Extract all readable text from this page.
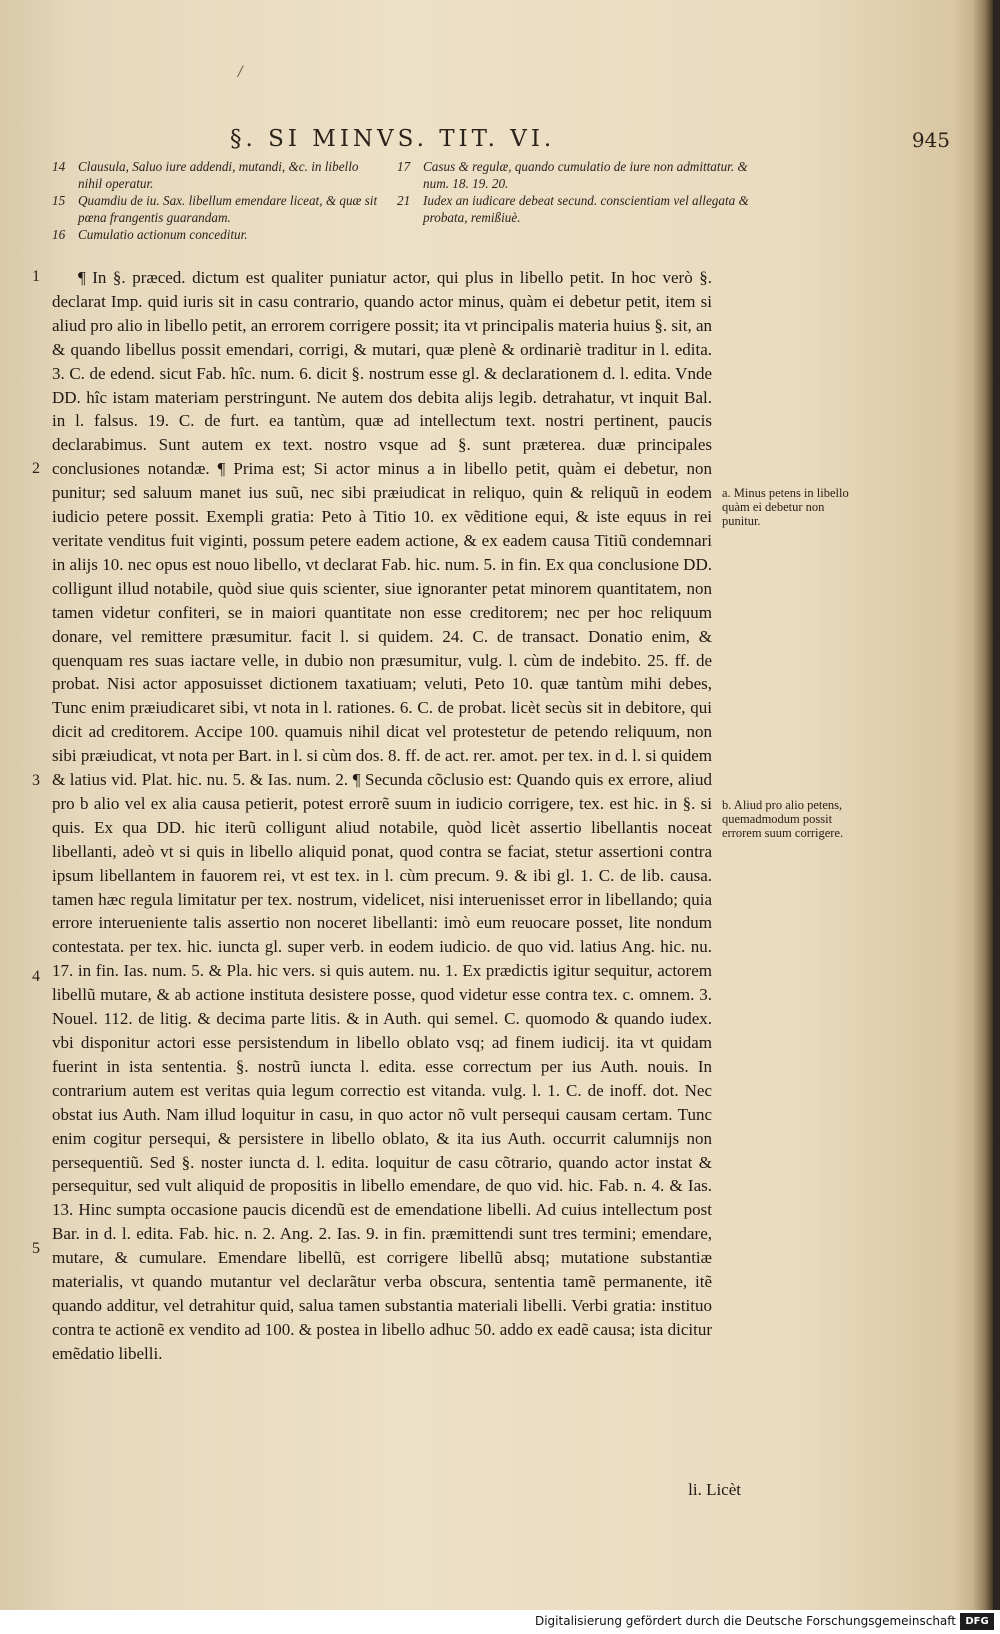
/
§. SI MINVS. TIT. VI.	945
14 Clausula, Saluo iure addendi, mutandi, &c. in libello nihil operatur.
15 Quamdiu de iu. Sax. libellum emendare liceat, & quæ sit pœna frangentis guarandam.
16 Cumulatio actionum conceditur.
17 Casus & regulæ, quando cumulatio de iure non admittatur. & num. 18. 19. 20.
21 Iudex an iudicare debeat secund. conscientiam vel allegata & probata, remißiuè.
1
2
3
4
5

¶ In §. præced. dictum est qualiter puniatur actor, qui plus in libello petit. In hoc verò §. declarat Imp. quid iuris sit in casu contrario, quando actor minus, quàm ei debetur petit, item si aliud pro alio in libello petit, an errorem corrigere possit; ita vt principalis materia huius §. sit, an & quando libellus possit emendari, corrigi, & mutari, quæ plenè & ordinariè traditur in l. edita. 3. C. de edend. sicut Fab. hîc. num. 6. dicit §. nostrum esse gl. & declarationem d. l. edita. Vnde DD. hîc istam materiam perstringunt. Ne autem dos debita alijs legib. detrahatur, vt inquit Bal. in l. falsus. 19. C. de furt. ea tantùm, quæ ad intellectum text. nostri pertinent, paucis declarabimus. Sunt autem ex text. nostro vsque ad §. sunt præterea. duæ principales conclusiones notandæ. ¶ Prima est; Si actor minus a in libello petit, quàm ei debetur, non punitur; sed saluum manet ius suũ, nec sibi præiudicat in reliquo, quin & reliquũ in eodem iudicio petere possit. Exempli gratia: Peto à Titio 10. ex vẽditione equi, & iste equus in rei veritate venditus fuit viginti, possum petere eadem actione, & ex eadem causa Titiũ condemnari in alijs 10. nec opus est nouo libello, vt declarat Fab. hic. num. 5. in fin. Ex qua conclusione DD. colligunt illud notabile, quòd siue quis scienter, siue ignoranter petat minorem quantitatem, non tamen videtur confiteri, se in maiori quantitate non esse creditorem; nec per hoc reliquum donare, vel remittere præsumitur. facit l. si quidem. 24. C. de transact. Donatio enim, & quenquam res suas iactare velle, in dubio non præsumitur, vulg. l. cùm de indebito. 25. ff. de probat. Nisi actor apposuisset dictionem taxatiuam; veluti, Peto 10. quæ tantùm mihi debes, Tunc enim præiudicaret sibi, vt nota in l. rationes. 6. C. de probat. licèt secùs sit in debitore, qui dicit ad creditorem. Accipe 100. quamuis nihil dicat vel protestetur de petendo reliquum, non sibi præiudicat, vt nota per Bart. in l. si cùm dos. 8. ff. de act. rer. amot. per tex. in d. l. si quidem & latius vid. Plat. hic. nu. 5. & Ias. num. 2. ¶ Secunda cõclusio est: Quando quis ex errore, aliud pro b alio vel ex alia causa petierit, potest errorẽ suum in iudicio corrigere, tex. est hic. in §. si quis. Ex qua DD. hic iterũ colligunt aliud notabile, quòd licèt assertio libellantis noceat libellanti, adeò vt si quis in libello aliquid ponat, quod contra se faciat, stetur assertioni contra ipsum libellantem in fauorem rei, vt est tex. in l. cùm precum. 9. & ibi gl. 1. C. de lib. causa. tamen hæc regula limitatur per tex. nostrum, videlicet, nisi interuenisset error in libellando; quia errore interueniente talis assertio non noceret libellanti: imò eum reuocare posset, lite nondum contestata. per tex. hic. iuncta gl. super verb. in eodem iudicio. de quo vid. latius Ang. hic. nu. 17. in fin. Ias. num. 5. & Pla. hic vers. si quis autem. nu. 1. Ex prædictis igitur sequitur, actorem libellũ mutare, & ab actione instituta desistere posse, quod videtur esse contra tex. c. omnem. 3. Nouel. 112. de litig. & decima parte litis. & in Auth. qui semel. C. quomodo & quando iudex. vbi disponitur actori esse persistendum in libello oblato vsq; ad finem iudicij. ita vt quidam fuerint in ista sententia. §. nostrũ iuncta l. edita. esse correctum per ius Auth. nouis. In contrarium autem est veritas quia legum correctio est vitanda. vulg. l. 1. C. de inoff. dot. Nec obstat ius Auth. Nam illud loquitur in casu, in quo actor nõ vult persequi causam certam. Tunc enim cogitur persequi, & persistere in libello oblato, & ita ius Auth. occurrit calumnijs non persequentiũ. Sed §. noster iuncta d. l. edita. loquitur de casu cõtrario, quando actor instat & persequitur, sed vult aliquid de propositis in libello emendare, de quo vid. hic. Fab. n. 4. & Ias. 13. Hinc sumpta occasione paucis dicendũ est de emendatione libelli. Ad cuius intellectum post Bar. in d. l. edita. Fab. hic. n. 2. Ang. 2. Ias. 9. in fin. præmittendi sunt tres termini; emendare, mutare, & cumulare. Emendare libellũ, est corrigere libellũ absq; mutatione substantiæ materialis, vt quando mutantur vel declarãtur verba obscura, sententia tamẽ permanente, itẽ quando additur, vel detrahitur quid, salua tamen substantia materiali libelli. Verbi gratia: instituo contra te actionẽ ex vendito ad 100. & postea in libello adhuc 50. addo ex eadẽ causa; ista dicitur emẽdatio libelli.

a. Minus petens in libello quàm ei debetur non punitur.
b. Aliud pro alio petens, quemadmodum possit errorem suum corrigere.
li. Licèt
Digitalisierung gefördert durch die Deutsche Forschungsgemeinschaft DFG
